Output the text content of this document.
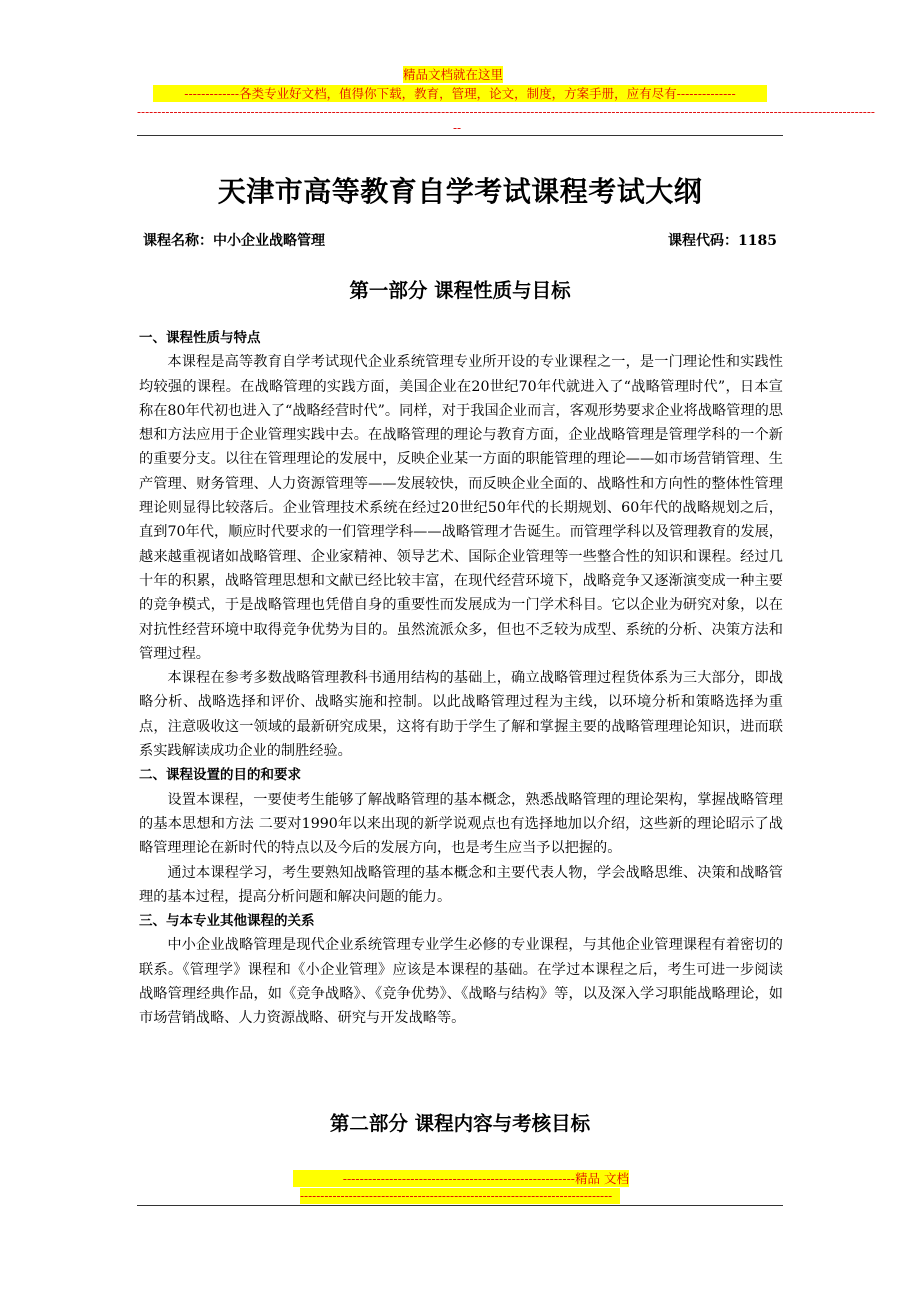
精品文档就在这里
-------------各类专业好文档，值得你下载，教育，管理，论文，制度，方案手册，应有尽有--------------
--------------------------------------------------------------------------------------------------------------------------------------------------------------------------------------
--
天津市高等教育自学考试课程考试大纲
课程名称：中小企业战略管理	课程代码：1185
第一部分 课程性质与目标

一、课程性质与特点

本课程是高等教育自学考试现代企业系统管理专业所开设的专业课程之一，是一门理论性和实践性均较强的课程。在战略管理的实践方面，美国企业在20世纪70年代就进入了“战略管理时代”，日本宣称在80年代初也进入了“战略经营时代”。同样，对于我国企业而言，客观形势要求企业将战略管理的思想和方法应用于企业管理实践中去。在战略管理的理论与教育方面，企业战略管理是管理学科的一个新的重要分支。以往在管理理论的发展中，反映企业某一方面的职能管理的理论——如市场营销管理、生产管理、财务管理、人力资源管理等——发展较快，而反映企业全面的、战略性和方向性的整体性管理理论则显得比较落后。企业管理技术系统在经过20世纪50年代的长期规划、60年代的战略规划之后，直到70年代，顺应时代要求的一们管理学科——战略管理才告诞生。而管理学科以及管理教育的发展，越来越重视诸如战略管理、企业家精神、领导艺术、国际企业管理等一些整合性的知识和课程。经过几十年的积累，战略管理思想和文献已经比较丰富，在现代经营环境下，战略竞争又逐渐演变成一种主要的竞争模式，于是战略管理也凭借自身的重要性而发展成为一门学术科目。它以企业为研究对象，以在对抗性经营环境中取得竞争优势为目的。虽然流派众多，但也不乏较为成型、系统的分析、决策方法和管理过程。

本课程在参考多数战略管理教科书通用结构的基础上，确立战略管理过程货体系为三大部分，即战略分析、战略选择和评价、战略实施和控制。以此战略管理过程为主线，以环境分析和策略选择为重点，注意吸收这一领域的最新研究成果，这将有助于学生了解和掌握主要的战略管理理论知识，进而联系实践解读成功企业的制胜经验。

二、课程设置的目的和要求

设置本课程，一要使考生能够了解战略管理的基本概念，熟悉战略管理的理论架构，掌握战略管理的基本思想和方法 二要对1990年以来出现的新学说观点也有选择地加以介绍，这些新的理论昭示了战略管理理论在新时代的特点以及今后的发展方向，也是考生应当予以把握的。

通过本课程学习，考生要熟知战略管理的基本概念和主要代表人物，学会战略思维、决策和战略管理的基本过程，提高分析问题和解决问题的能力。

三、与本专业其他课程的关系

中小企业战略管理是现代企业系统管理专业学生必修的专业课程，与其他企业管理课程有着密切的联系。《管理学》课程和《小企业管理》应该是本课程的基础。在学过本课程之后，考生可进一步阅读战略管理经典作品，如《竞争战略》、《竞争优势》、《战略与结构》等，以及深入学习职能战略理论，如市场营销战略、人力资源战略、研究与开发战略等。

第二部分 课程内容与考核目标
-------------------------------------------------------精品 文档
-----------------------------------------------------------------------------
